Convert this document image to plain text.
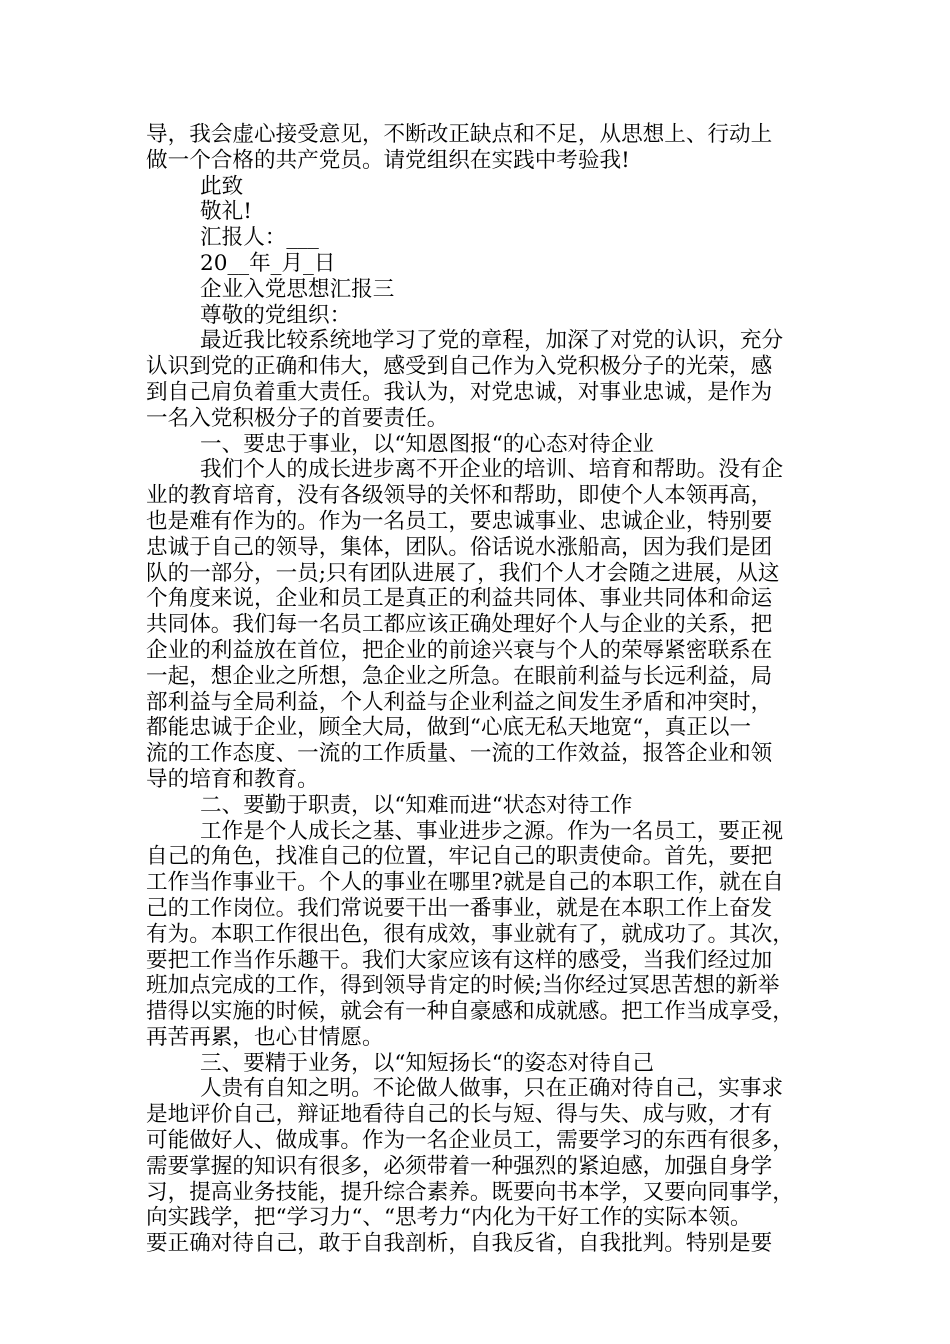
导，我会虚心接受意见，不断改正缺点和不足，从思想上、行动上
做一个合格的共产党员。请党组织在实践中考验我!
此致
敬礼!
汇报人：___
20__年_月_日
企业入党思想汇报三
尊敬的党组织：
最近我比较系统地学习了党的章程，加深了对党的认识，充分
认识到党的正确和伟大，感受到自己作为入党积极分子的光荣，感
到自己肩负着重大责任。我认为，对党忠诚，对事业忠诚，是作为
一名入党积极分子的首要责任。
一、要忠于事业，以“知恩图报“的心态对待企业
我们个人的成长进步离不开企业的培训、培育和帮助。没有企
业的教育培育，没有各级领导的关怀和帮助，即使个人本领再高，
也是难有作为的。作为一名员工，要忠诚事业、忠诚企业，特别要
忠诚于自己的领导，集体，团队。俗话说水涨船高，因为我们是团
队的一部分，一员;只有团队进展了，我们个人才会随之进展，从这
个角度来说，企业和员工是真正的利益共同体、事业共同体和命运
共同体。我们每一名员工都应该正确处理好个人与企业的关系，把
企业的利益放在首位，把企业的前途兴衰与个人的荣辱紧密联系在
一起，想企业之所想，急企业之所急。在眼前利益与长远利益，局
部利益与全局利益，个人利益与企业利益之间发生矛盾和冲突时，
都能忠诚于企业，顾全大局，做到“心底无私天地宽“，真正以一
流的工作态度、一流的工作质量、一流的工作效益，报答企业和领
导的培育和教育。
二、要勤于职责，以“知难而进“状态对待工作
工作是个人成长之基、事业进步之源。作为一名员工，要正视
自己的角色，找准自己的位置，牢记自己的职责使命。首先，要把
工作当作事业干。个人的事业在哪里?就是自己的本职工作，就在自
己的工作岗位。我们常说要干出一番事业，就是在本职工作上奋发
有为。本职工作很出色，很有成效，事业就有了，就成功了。其次，
要把工作当作乐趣干。我们大家应该有这样的感受，当我们经过加
班加点完成的工作，得到领导肯定的时候;当你经过冥思苦想的新举
措得以实施的时候，就会有一种自豪感和成就感。把工作当成享受，
再苦再累，也心甘情愿。
三、要精于业务，以“知短扬长“的姿态对待自己
人贵有自知之明。不论做人做事，只在正确对待自己，实事求
是地评价自己，辩证地看待自己的长与短、得与失、成与败，才有
可能做好人、做成事。作为一名企业员工，需要学习的东西有很多，
需要掌握的知识有很多，必须带着一种强烈的紧迫感，加强自身学
习，提高业务技能，提升综合素养。既要向书本学，又要向同事学，
向实践学，把“学习力“、“思考力“内化为干好工作的实际本领。
要正确对待自己，敢于自我剖析，自我反省，自我批判。特别是要
